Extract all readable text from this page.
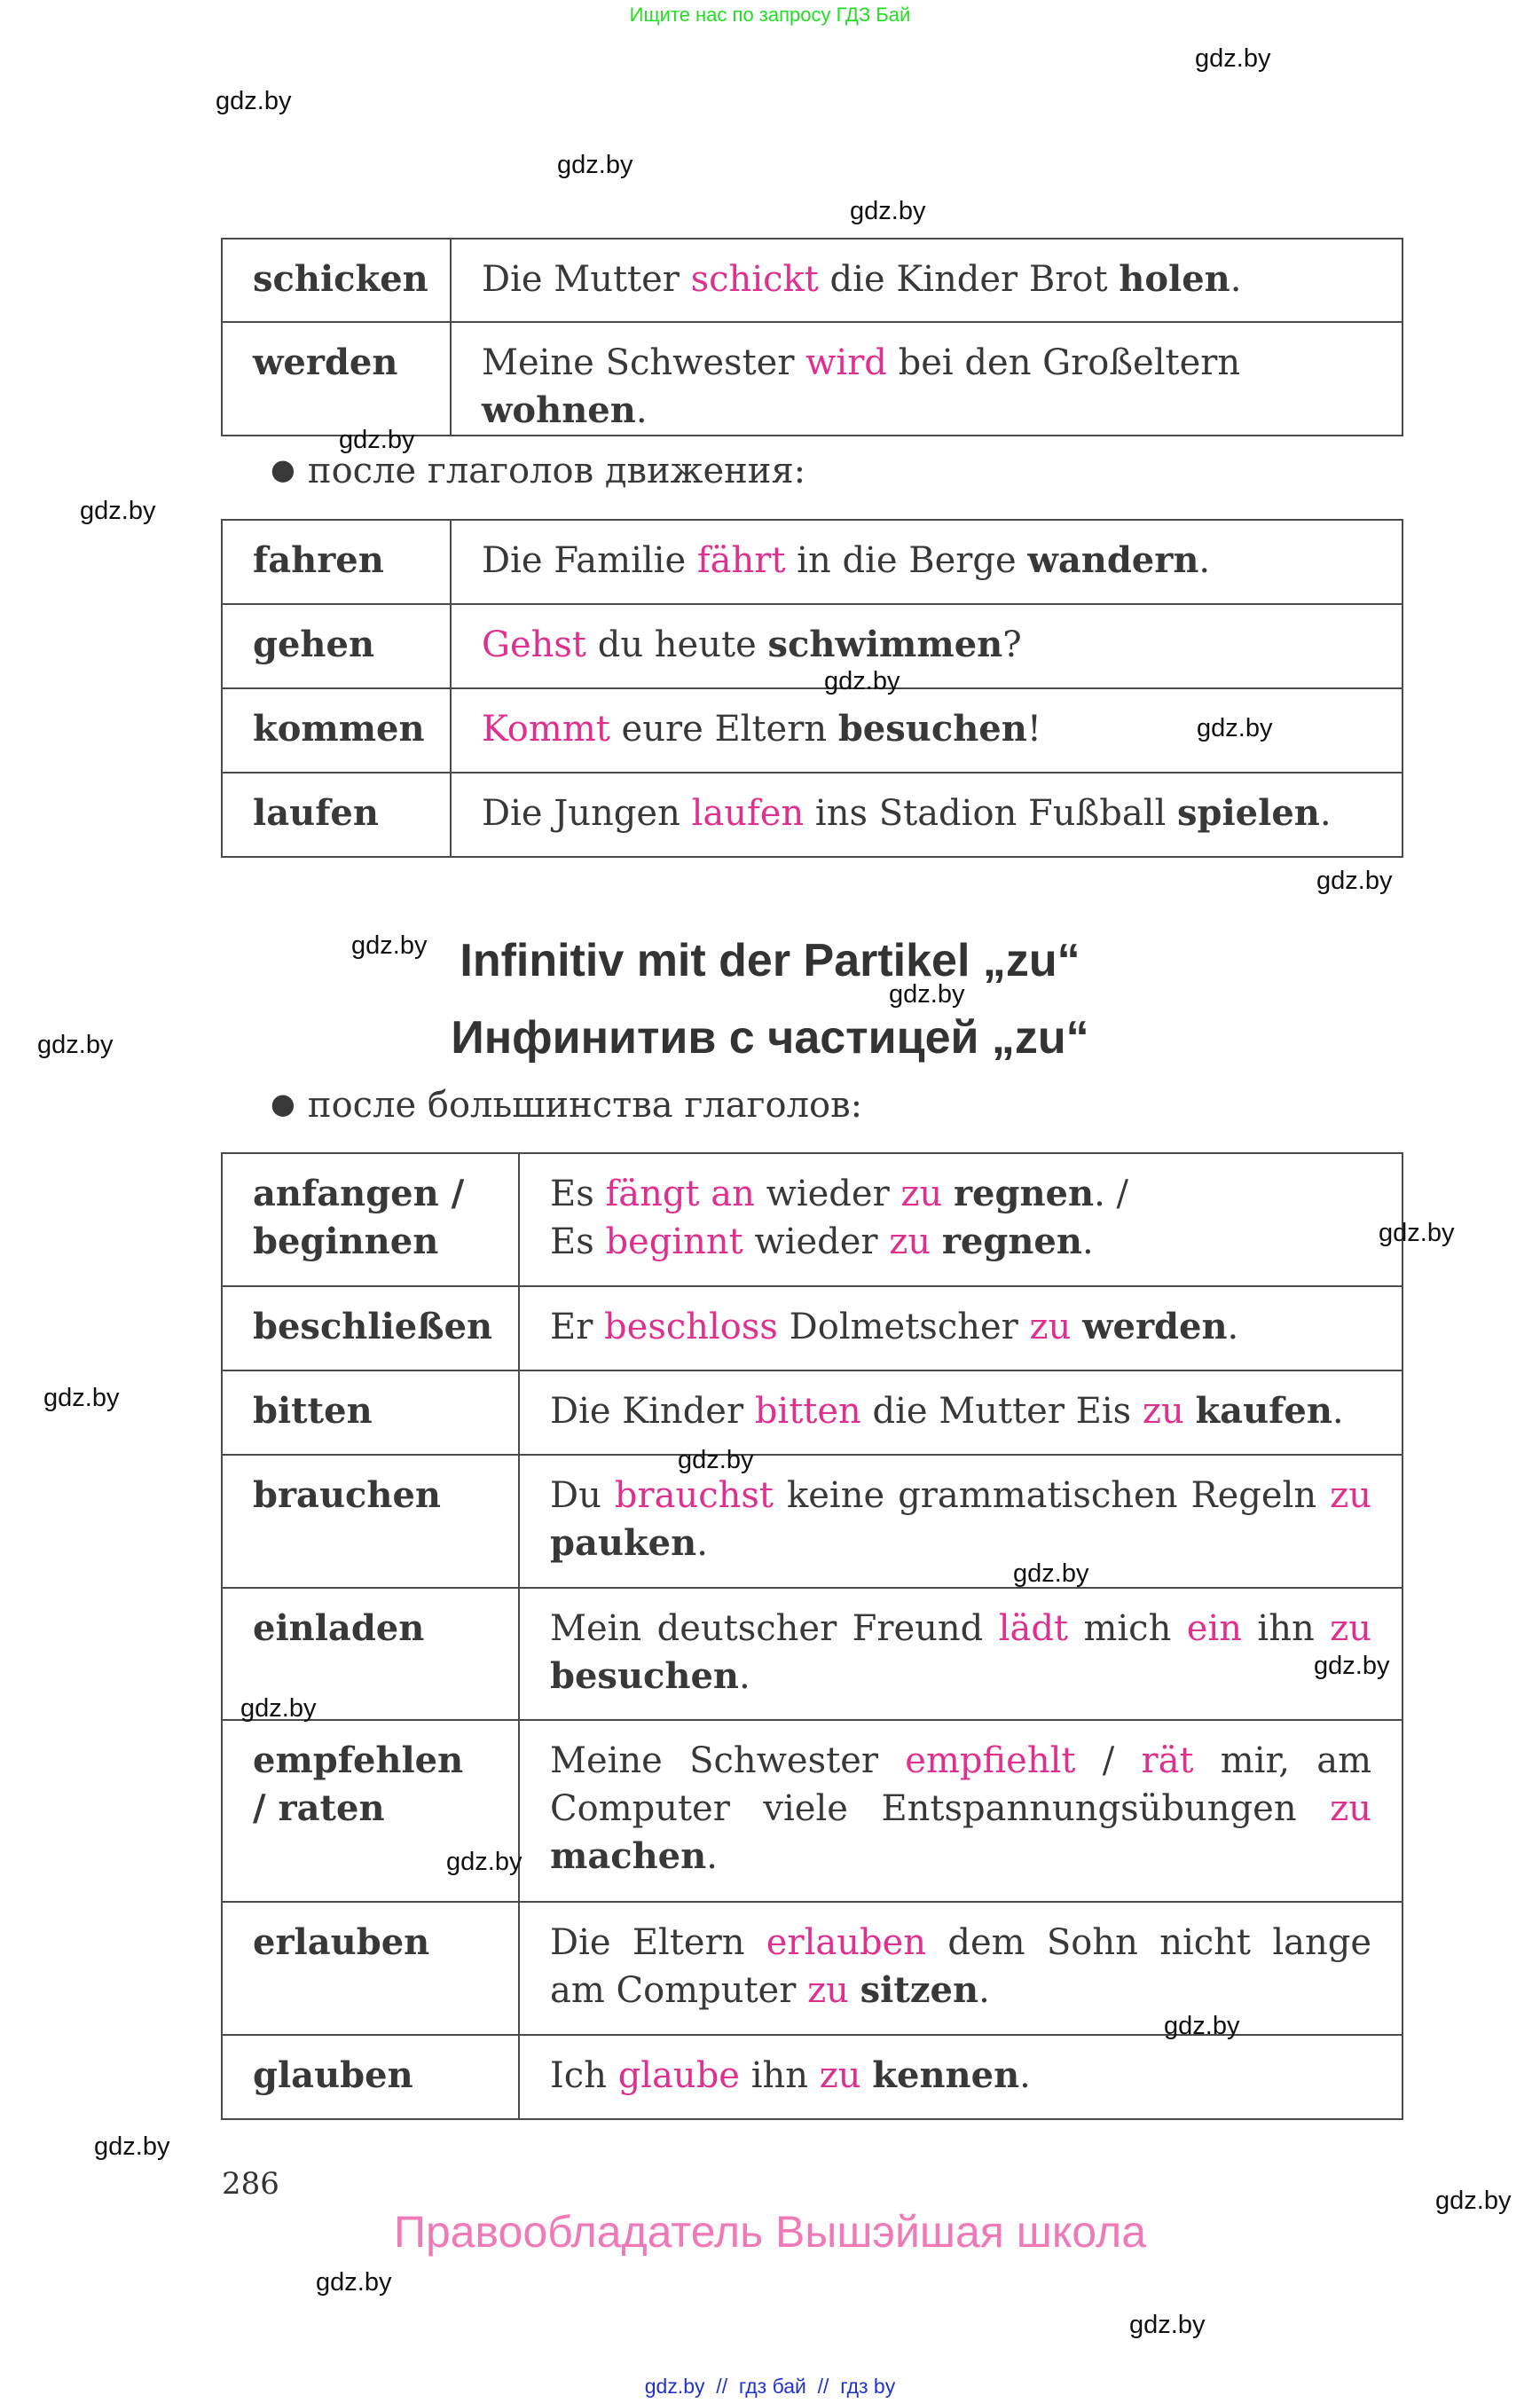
Ищите нас по запросу ГДЗ Бай
schicken	Die Mutter schickt die Kinder Brot holen.
werden	Meine Schwester wird bei den Großeltern wohnen.
● после глаголов движения:
fahren	Die Familie fährt in die Berge wandern.
gehen	Gehst du heute schwimmen?
kommen	Kommt eure Eltern besuchen!
laufen	Die Jungen laufen ins Stadion Fußball spielen.
Infinitiv mit der Partikel „zu“
Инфинитив с частицей „zu“
● после большинства глаголов:
anfangen / beginnen	Es fängt an wieder zu regnen. /
Es beginnt wieder zu regnen.
beschließen	Er beschloss Dolmetscher zu werden.
bitten	Die Kinder bitten die Mutter Eis zu kaufen.
brauchen	Du brauchst keine grammatischen Regeln zu pauken.
einladen	Mein deutscher Freund lädt mich ein ihn zu besuchen.
empfehlen / raten	Meine Schwester empfiehlt / rät mir, am Computer viele Entspannungsübungen zu machen.
erlauben	Die Eltern erlauben dem Sohn nicht lange am Computer zu sitzen.
glauben	Ich glaube ihn zu kennen.
286
Правообладатель Вышэйшая школа
gdz.by  //  гдз бай  //  гдз by
gdz.by
gdz.by
gdz.by
gdz.by
gdz.by
gdz.by
gdz.by
gdz.by
gdz.by
gdz.by
gdz.by
gdz.by
gdz.by
gdz.by
gdz.by
gdz.by
gdz.by
gdz.by
gdz.by
gdz.by
gdz.by
gdz.by
gdz.by
gdz.by
